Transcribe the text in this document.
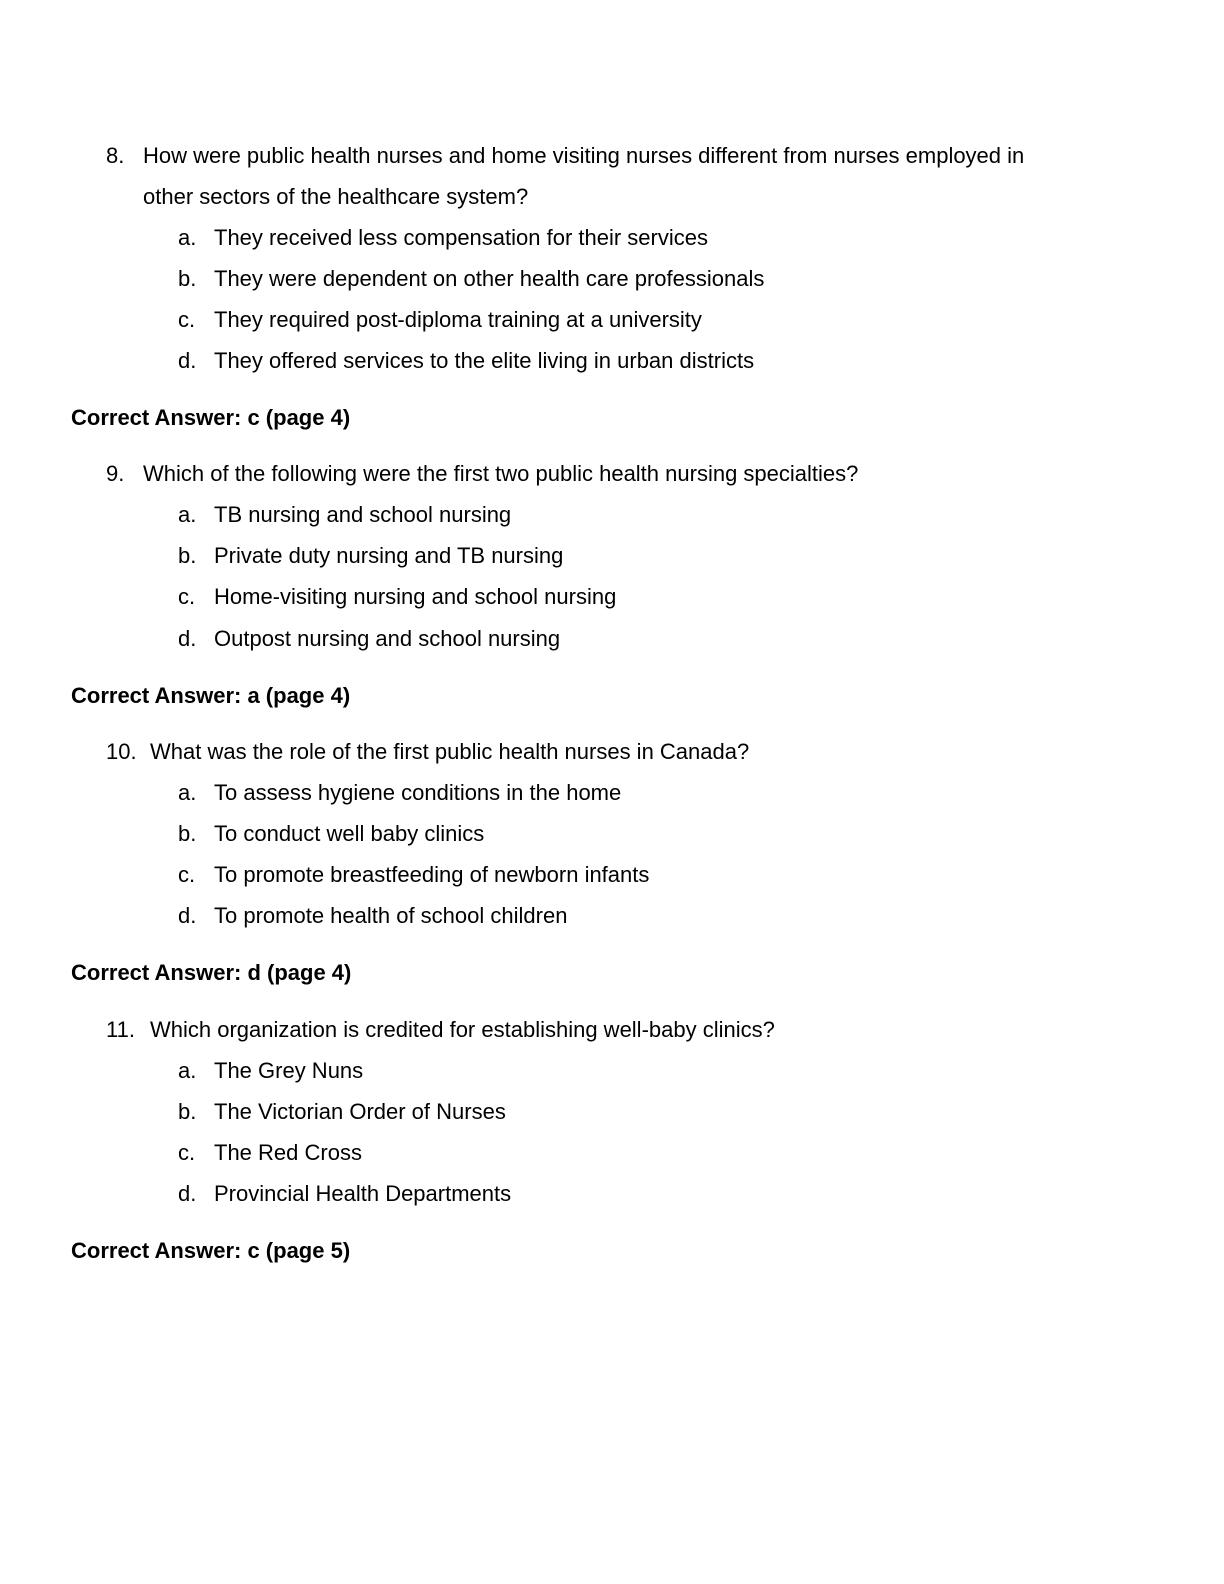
8. How were public health nurses and home visiting nurses different from nurses employed in
other sectors of the healthcare system?
a. They received less compensation for their services
b. They were dependent on other health care professionals
c. They required post-diploma training at a university
d. They offered services to the elite living in urban districts
Correct Answer: c (page 4)
9. Which of the following were the first two public health nursing specialties?
a. TB nursing and school nursing
b. Private duty nursing and TB nursing
c. Home-visiting nursing and school nursing
d. Outpost nursing and school nursing
Correct Answer: a (page 4)
10. What was the role of the first public health nurses in Canada?
a. To assess hygiene conditions in the home
b. To conduct well baby clinics
c. To promote breastfeeding of newborn infants
d. To promote health of school children
Correct Answer: d (page 4)
11. Which organization is credited for establishing well-baby clinics?
a. The Grey Nuns
b. The Victorian Order of Nurses
c. The Red Cross
d. Provincial Health Departments
Correct Answer: c (page 5)
